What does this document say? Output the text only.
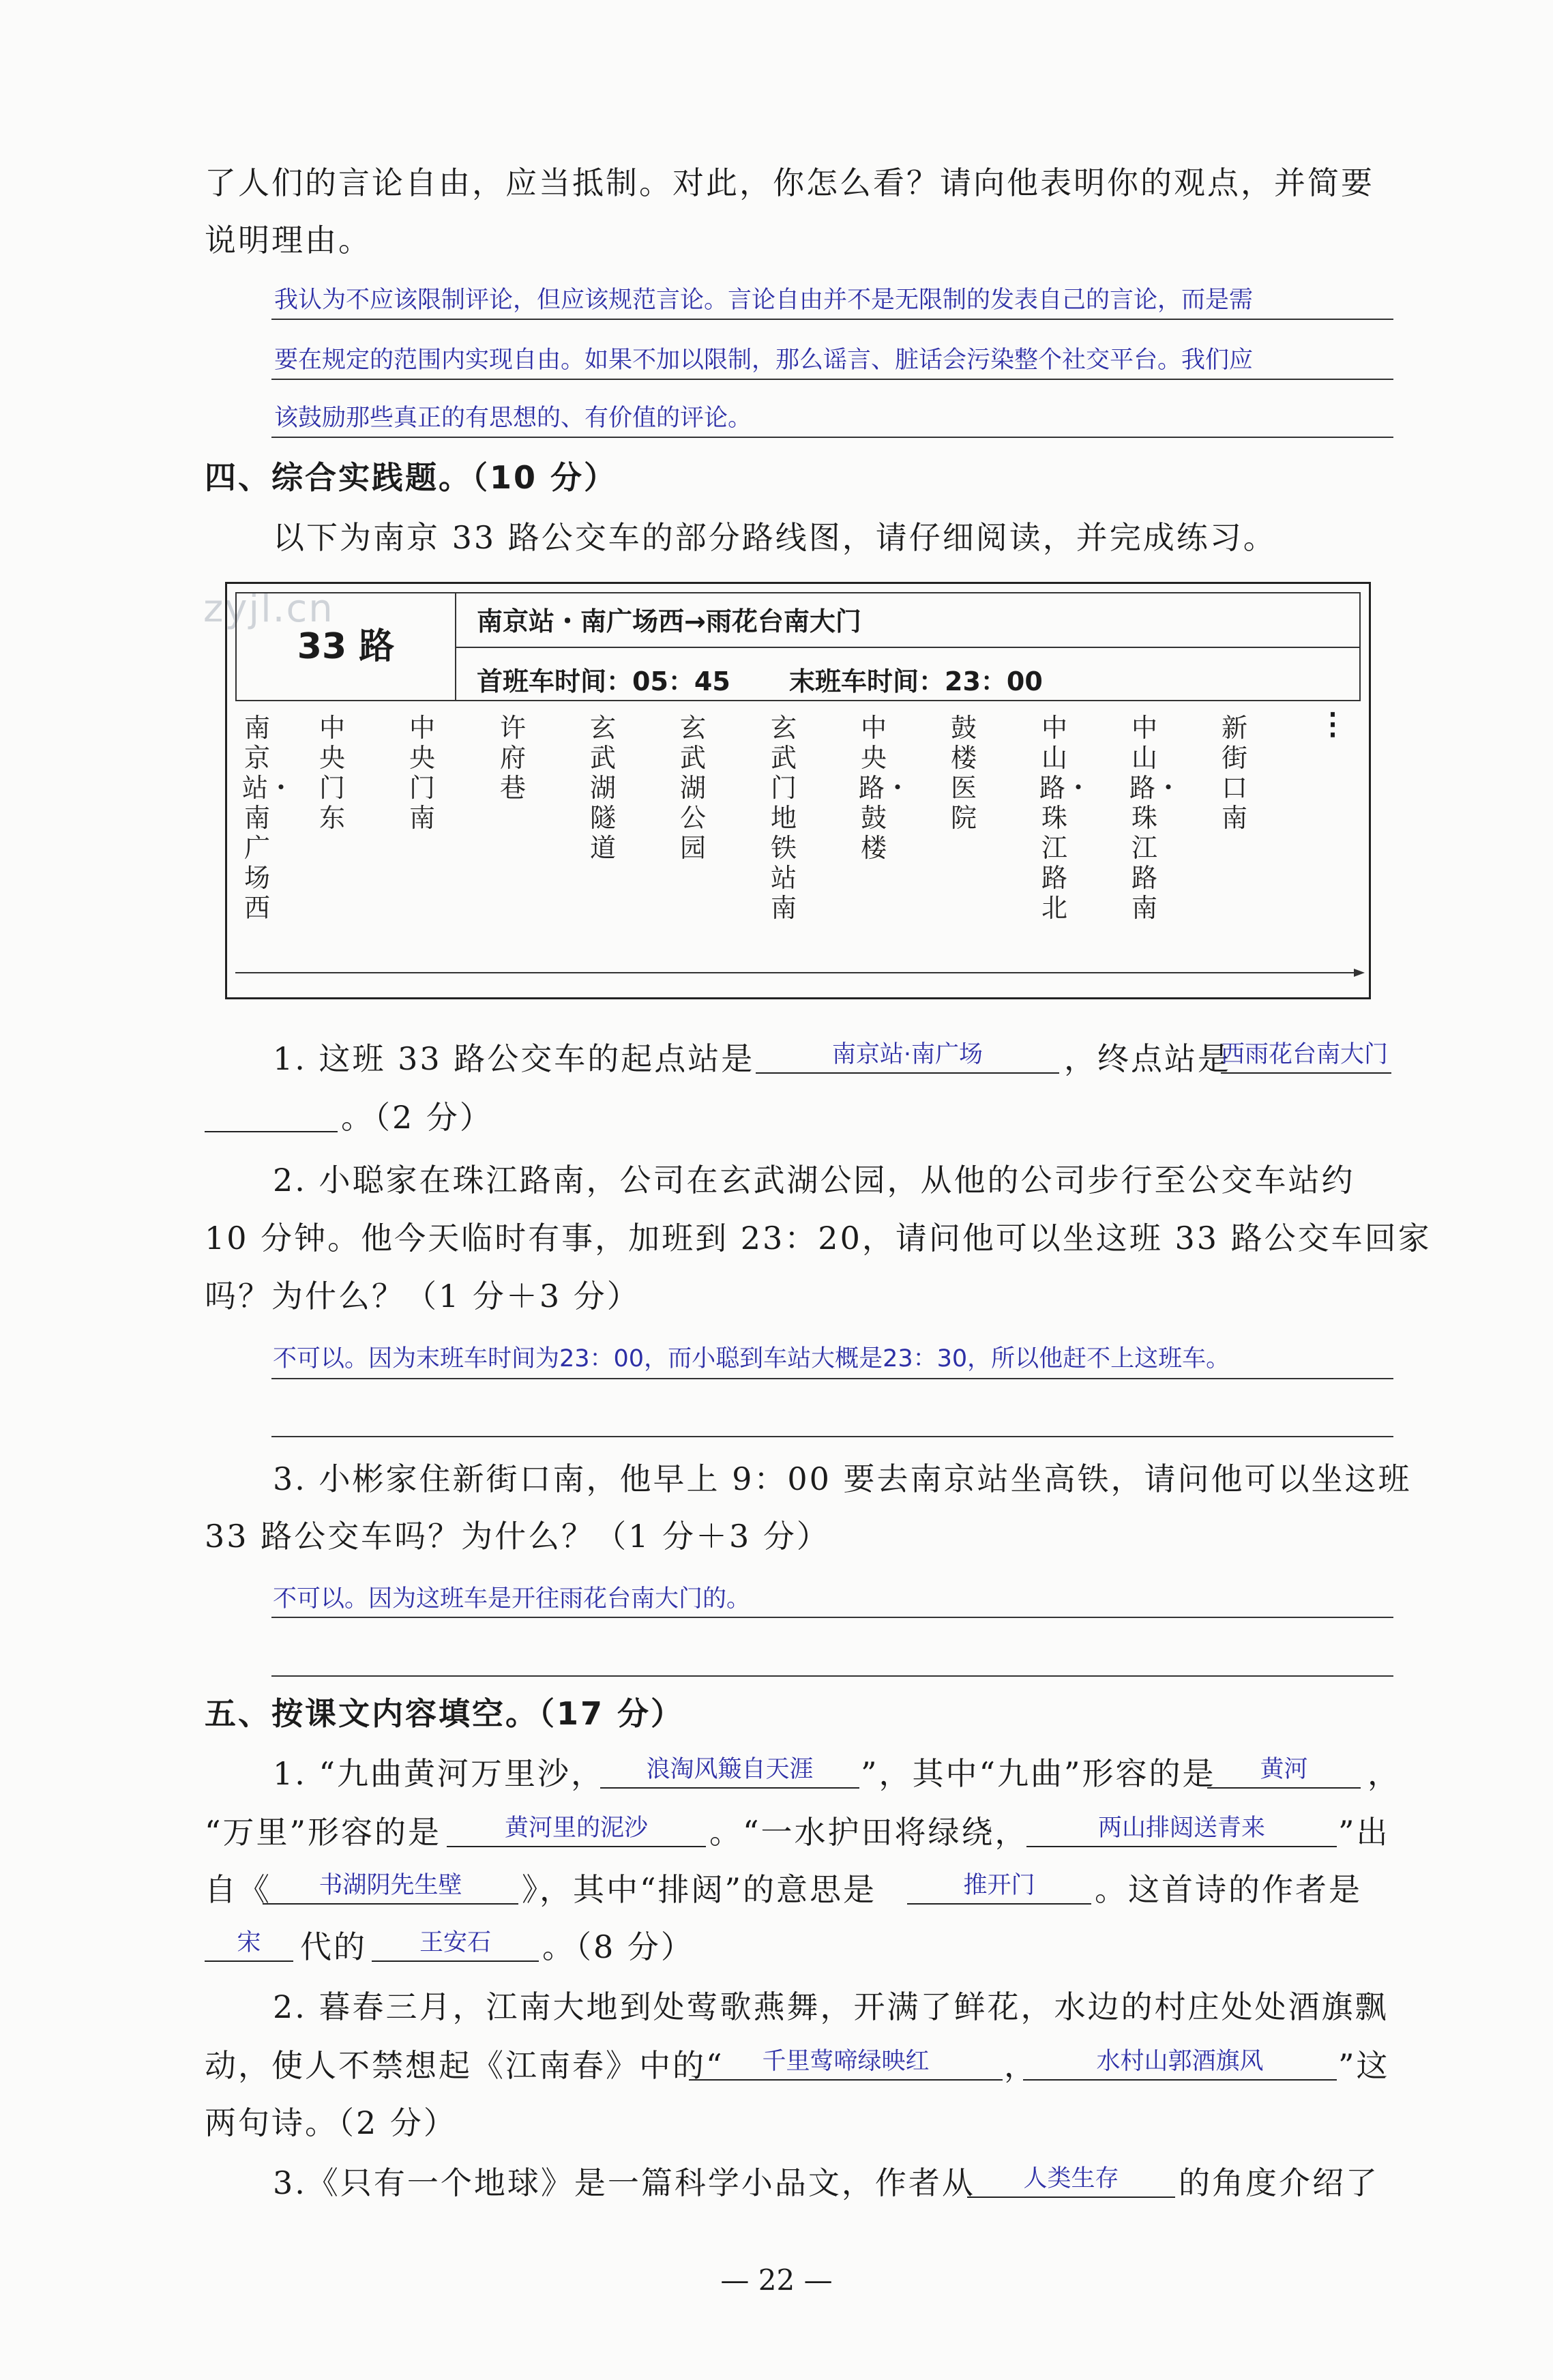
zyjl.cn
了人们的言论自由，应当抵制。对此，你怎么看？请向他表明你的观点，并简要
说明理由。
我认为不应该限制评论，但应该规范言论。言论自由并不是无限制的发表自己的言论，而是需
要在规定的范围内实现自由。如果不加以限制，那么谣言、脏话会污染整个社交平台。我们应
该鼓励那些真正的有思想的、有价值的评论。
四、综合实践题。（10 分）
以下为南京 33 路公交车的部分路线图，请仔细阅读，并完成练习。
33 路
南京站・南广场西→雨花台南大门
首班车时间：05：45 末班车时间：23：00
南京站・南广场西
中央门东
中央门南
许府巷
玄武湖隧道
玄武湖公园
玄武门地铁站南
中央路・鼓楼
鼓楼医院
中山路・珠江路北
中山路・珠江路南
新街口南
⋮
1. 这班 33 路公交车的起点站是	南京站·南广场	，终点站是
西雨花台南大门
。（2 分）
2. 小聪家在珠江路南，公司在玄武湖公园，从他的公司步行至公交车站约
10 分钟。他今天临时有事，加班到 23：20，请问他可以坐这班 33 路公交车回家
吗？为什么？（1 分＋3 分）
不可以。因为末班车时间为23：00，而小聪到车站大概是23：30，所以他赶不上这班车。
3. 小彬家住新街口南，他早上 9：00 要去南京站坐高铁，请问他可以坐这班
33 路公交车吗？为什么？（1 分＋3 分）
不可以。因为这班车是开往雨花台南大门的。
五、按课文内容填空。（17 分）
1. “九曲黄河万里沙，	浪淘风簸自天涯	”，其中“九曲”形容的是	黄河	，
“万里”形容的是	黄河里的泥沙	。“一水护田将绿绕，	两山排闼送青来	”出
自《	书湖阴先生壁	》，其中“排闼”的意思是	推开门	。这首诗的作者是
宋	代的	王安石	。（8 分）
2. 暮春三月，江南大地到处莺歌燕舞，开满了鲜花，水边的村庄处处酒旗飘
动，使人不禁想起《江南春》中的“	千里莺啼绿映红	，	水村山郭酒旗风	”这
两句诗。（2 分）
3.《只有一个地球》是一篇科学小品文，作者从	人类生存	的角度介绍了
— 22 —
